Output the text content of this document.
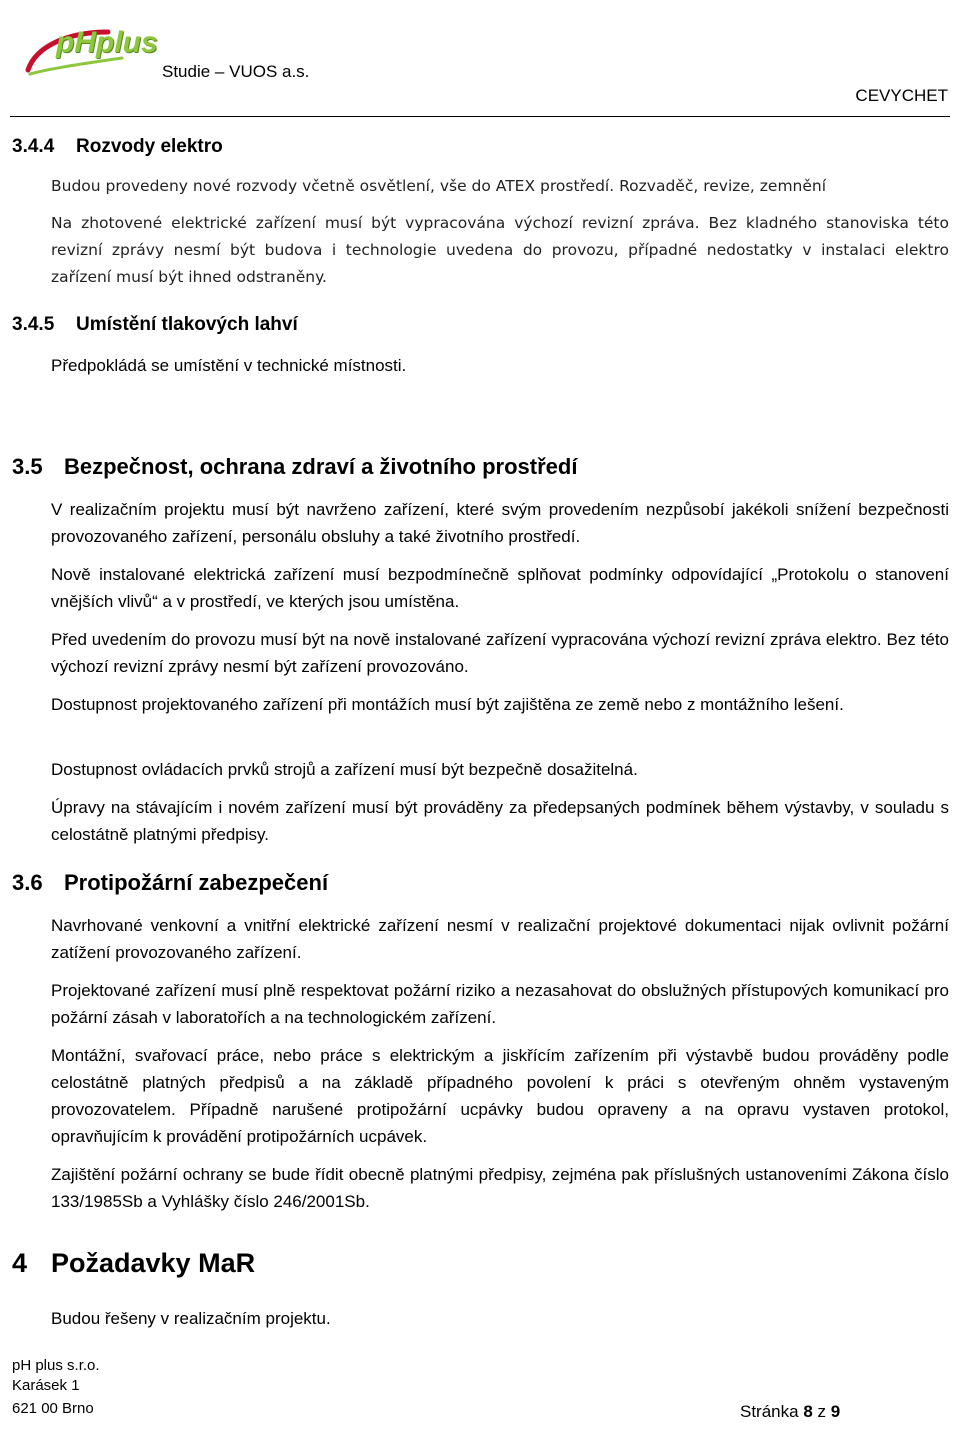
pHplus
Studie – VUOS a.s.
CEVYCHET
3.4.4 Rozvody elektro
Budou provedeny nové rozvody včetně osvětlení, vše do ATEX prostředí. Rozvaděč, revize, zemnění
Na zhotovené elektrické zařízení musí být vypracována výchozí revizní zpráva. Bez kladného stanoviska této revizní zprávy nesmí být budova i technologie uvedena do provozu, případné nedostatky v instalaci elektro zařízení musí být ihned odstraněny.
3.4.5 Umístění tlakových lahví
Předpokládá se umístění v technické místnosti.
3.5 Bezpečnost, ochrana zdraví a životního prostředí
V realizačním projektu musí být navrženo zařízení, které svým provedením nezpůsobí jakékoli snížení bezpečnosti provozovaného zařízení, personálu obsluhy a také životního prostředí.
Nově instalované elektrická zařízení musí bezpodmínečně splňovat podmínky odpovídající „Protokolu o stanovení vnějších vlivů“ a v prostředí, ve kterých jsou umístěna.
Před uvedením do provozu musí být na nově instalované zařízení vypracována výchozí revizní zpráva elektro. Bez této výchozí revizní zprávy nesmí být zařízení provozováno.
Dostupnost projektovaného zařízení při montážích musí být zajištěna ze země nebo z montážního lešení.
Dostupnost ovládacích prvků strojů a zařízení musí být bezpečně dosažitelná.
Úpravy na stávajícím i novém zařízení musí být prováděny za předepsaných podmínek během výstavby, v souladu s celostátně platnými předpisy.
3.6 Protipožární zabezpečení
Navrhované venkovní a vnitřní elektrické zařízení nesmí v realizační projektové dokumentaci nijak ovlivnit požární zatížení provozovaného zařízení.
Projektované zařízení musí plně respektovat požární riziko a nezasahovat do obslužných přístupových komunikací pro požární zásah v laboratořích a na technologickém zařízení.
Montážní, svařovací práce, nebo práce s elektrickým a jiskřícím zařízením při výstavbě budou prováděny podle celostátně platných předpisů a na základě případného povolení k práci s otevřeným ohněm vystaveným provozovatelem. Případně narušené protipožární ucpávky budou opraveny a na opravu vystaven protokol, opravňujícím k provádění protipožárních ucpávek.
Zajištění požární ochrany se bude řídit obecně platnými předpisy, zejména pak příslušných ustanoveními Zákona číslo 133/1985Sb a Vyhlášky číslo 246/2001Sb.
4 Požadavky MaR
Budou řešeny v realizačním projektu.
pH plus s.r.o.
Karásek 1
621 00 Brno	Stránka 8 z 9
